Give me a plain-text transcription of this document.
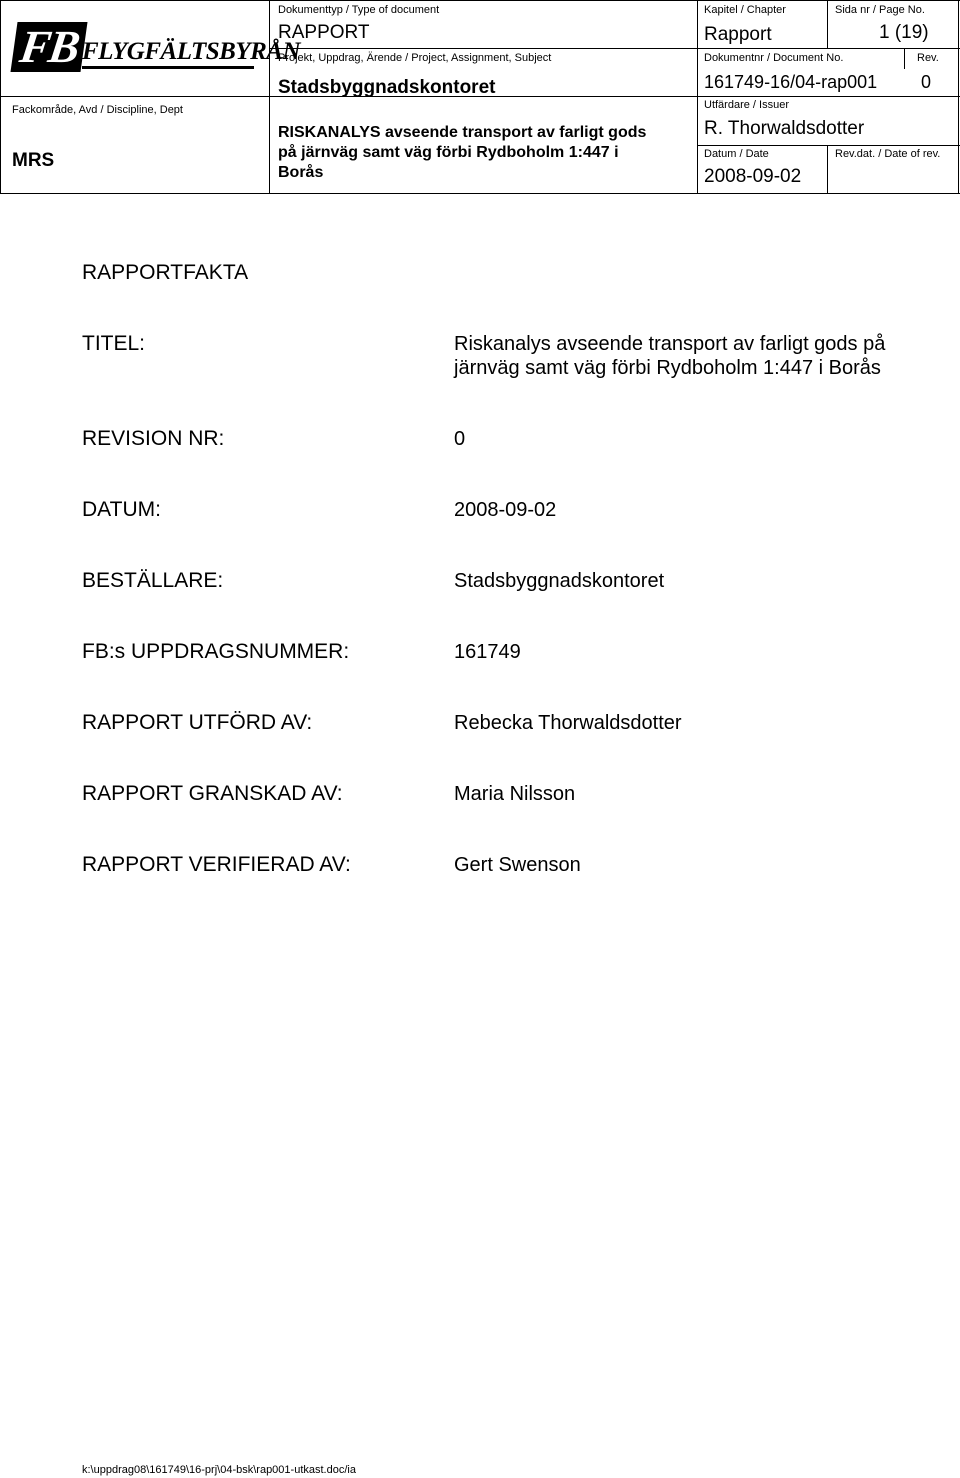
FB FLYGFÄLTSBYRÅN
Fackområde, Avd / Discipline, Dept
MRS
Dokumenttyp / Type of document
RAPPORT
Projekt, Uppdrag, Ärende / Project, Assignment, Subject
Stadsbyggnadskontoret
RISKANALYS avseende transport av farligt gods
på järnväg samt väg förbi Rydboholm 1:447 i
Borås
Kapitel / Chapter
Rapport
Sida nr / Page No.
1 (19)
Dokumentnr / Document No.	Rev.
161749-16/04-rap001 0
Utfärdare / Issuer
R. Thorwaldsdotter
Datum / Date
2008-09-02
Rev.dat. / Date of rev.
RAPPORTFAKTA
TITEL:	Riskanalys avseende transport av farligt gods på
järnväg samt väg förbi Rydboholm 1:447 i Borås
REVISION NR:	0
DATUM:	2008-09-02
BESTÄLLARE:	Stadsbyggnadskontoret
FB:s UPPDRAGSNUMMER:	161749
RAPPORT UTFÖRD AV:	Rebecka Thorwaldsdotter
RAPPORT GRANSKAD AV:	Maria Nilsson
RAPPORT VERIFIERAD AV:	Gert Swenson
k:\uppdrag08\161749\16-prj\04-bsk\rap001-utkast.doc/ia
